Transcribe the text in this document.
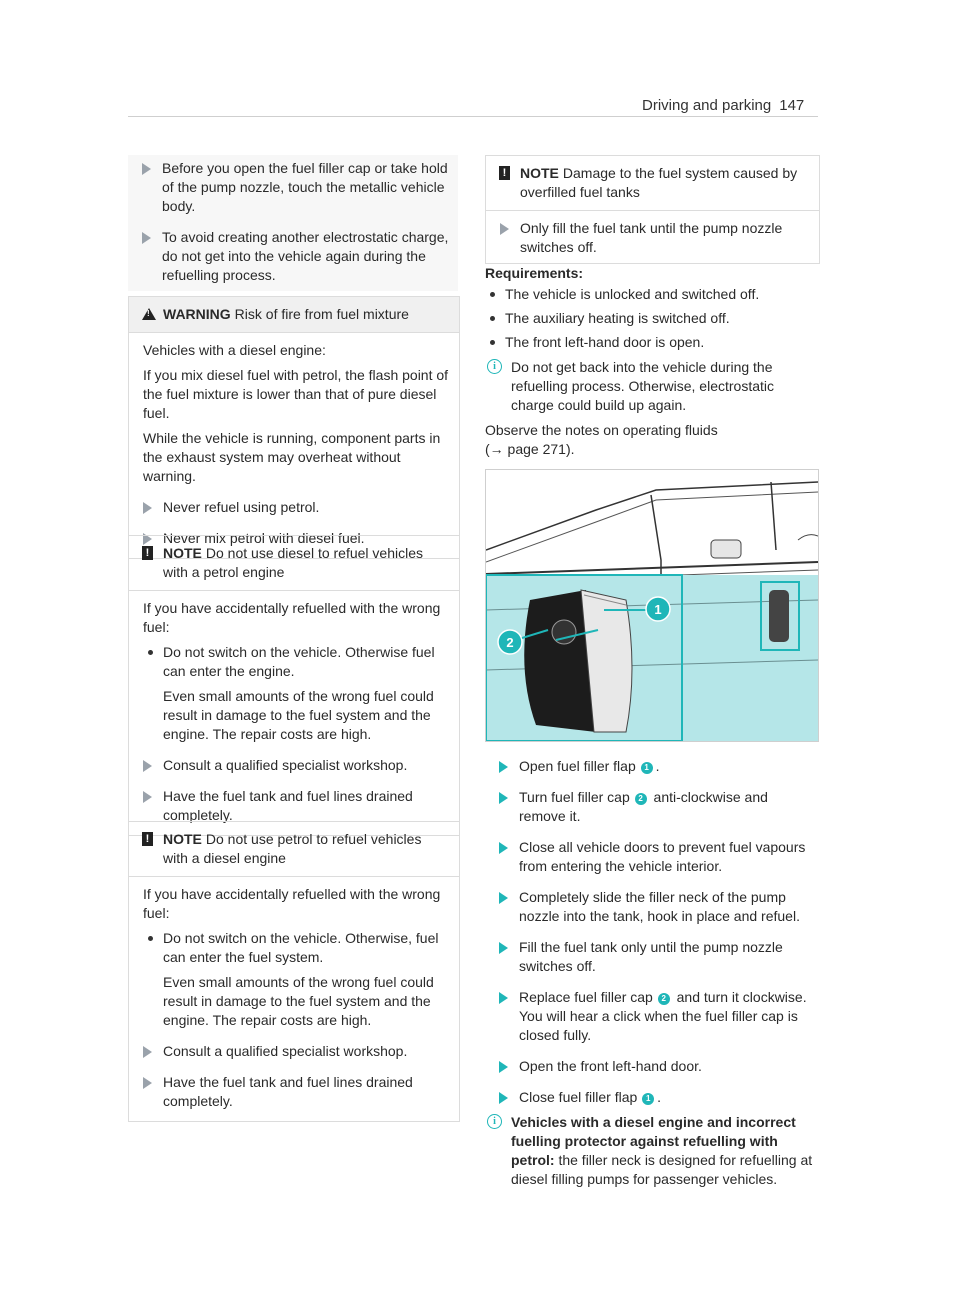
Driving and parking 147
Before you open the fuel filler cap or take hold of the pump nozzle, touch the metallic vehicle body.
To avoid creating another electrostatic charge, do not get into the vehicle again during the refuelling process.
!
WARNING Risk of fire from fuel mixture

Vehicles with a diesel engine:

If you mix diesel fuel with petrol, the flash point of the fuel mixture is lower than that of pure diesel fuel.

While the vehicle is running, component parts in the exhaust system may overheat without warning.

Never refuel using petrol.
Never mix petrol with diesel fuel.
! NOTE Do not use diesel to refuel vehicles with a petrol engine

If you have accidentally refuelled with the wrong fuel:

Do not switch on the vehicle. Otherwise fuel can enter the engine.
Even small amounts of the wrong fuel could result in damage to the fuel system and the engine. The repair costs are high.
Consult a qualified specialist workshop.
Have the fuel tank and fuel lines drained completely.
! NOTE Do not use petrol to refuel vehicles with a diesel engine

If you have accidentally refuelled with the wrong fuel:

Do not switch on the vehicle. Otherwise, fuel can enter the fuel system.
Even small amounts of the wrong fuel could result in damage to the fuel system and the engine. The repair costs are high.
Consult a qualified specialist workshop.
Have the fuel tank and fuel lines drained completely.
! NOTE Damage to the fuel system caused by overfilled fuel tanks
Only fill the fuel tank until the pump nozzle switches off.
Requirements:
The vehicle is unlocked and switched off.
The auxiliary heating is switched off.
The front left-hand door is open.
i	Do not get back into the vehicle during the refuelling process. Otherwise, electrostatic charge could build up again.
Observe the notes on operating fluids
(→ page 271).
1
2
Open fuel filler flap 1 .
Turn fuel filler cap 2 anti-clockwise and remove it.
Close all vehicle doors to prevent fuel vapours from entering the vehicle interior.
Completely slide the filler neck of the pump nozzle into the tank, hook in place and refuel.
Fill the fuel tank only until the pump nozzle switches off.
Replace fuel filler cap 2 and turn it clockwise. You will hear a click when the fuel filler cap is closed fully.
Open the front left-hand door.
Close fuel filler flap 1 .
i	Vehicles with a diesel engine and incorrect fuelling protector against refuelling with petrol: the filler neck is designed for refuelling at diesel filling pumps for passenger vehicles.
